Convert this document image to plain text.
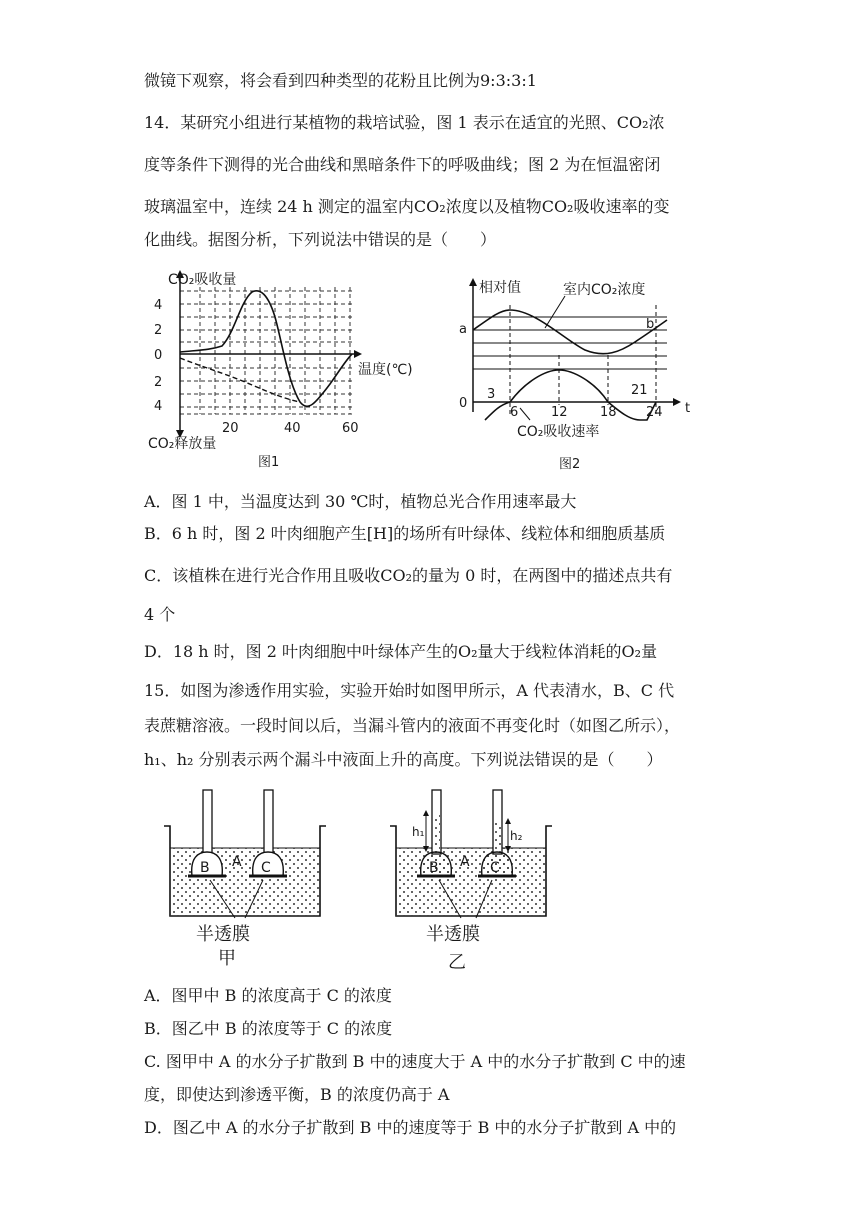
微镜下观察，将会看到四种类型的花粉且比例为9:3:3:1
14．某研究小组进行某植物的栽培试验，图 1 表示在适宜的光照、CO₂浓
度等条件下测得的光合曲线和黑暗条件下的呼吸曲线；图 2 为在恒温密闭
玻璃温室中，连续 24 h 测定的温室内CO₂浓度以及植物CO₂吸收速率的变
化曲线。据图分析，下列说法中错误的是（　　）
CO₂吸收量
4
2
0
2
4
温度(℃)
20	40	60
CO₂释放量
图1
相对值	室内CO₂浓度
a	b
0
3	21
6	12 18 24 t
CO₂吸收速率
图2
A．图 1 中，当温度达到 30 ℃时，植物总光合作用速率最大
B．6 h 时，图 2 叶肉细胞产生[H]的场所有叶绿体、线粒体和细胞质基质
C．该植株在进行光合作用且吸收CO₂的量为 0 时，在两图中的描述点共有
4 个
D．18 h 时，图 2 叶肉细胞中叶绿体产生的O₂量大于线粒体消耗的O₂量
15．如图为渗透作用实验，实验开始时如图甲所示，A 代表清水，B、C 代
表蔗糖溶液。一段时间以后，当漏斗管内的液面不再变化时（如图乙所示），
h₁、h₂ 分别表示两个漏斗中液面上升的高度。下列说法错误的是（　　）
B A C
半透膜
甲
h₁	h₂
B A C
半透膜
乙
A．图甲中 B 的浓度高于 C 的浓度
B．图乙中 B 的浓度等于 C 的浓度
C. 图甲中 A 的水分子扩散到 B 中的速度大于 A 中的水分子扩散到 C 中的速
度，即使达到渗透平衡，B 的浓度仍高于 A
D．图乙中 A 的水分子扩散到 B 中的速度等于 B 中的水分子扩散到 A 中的
